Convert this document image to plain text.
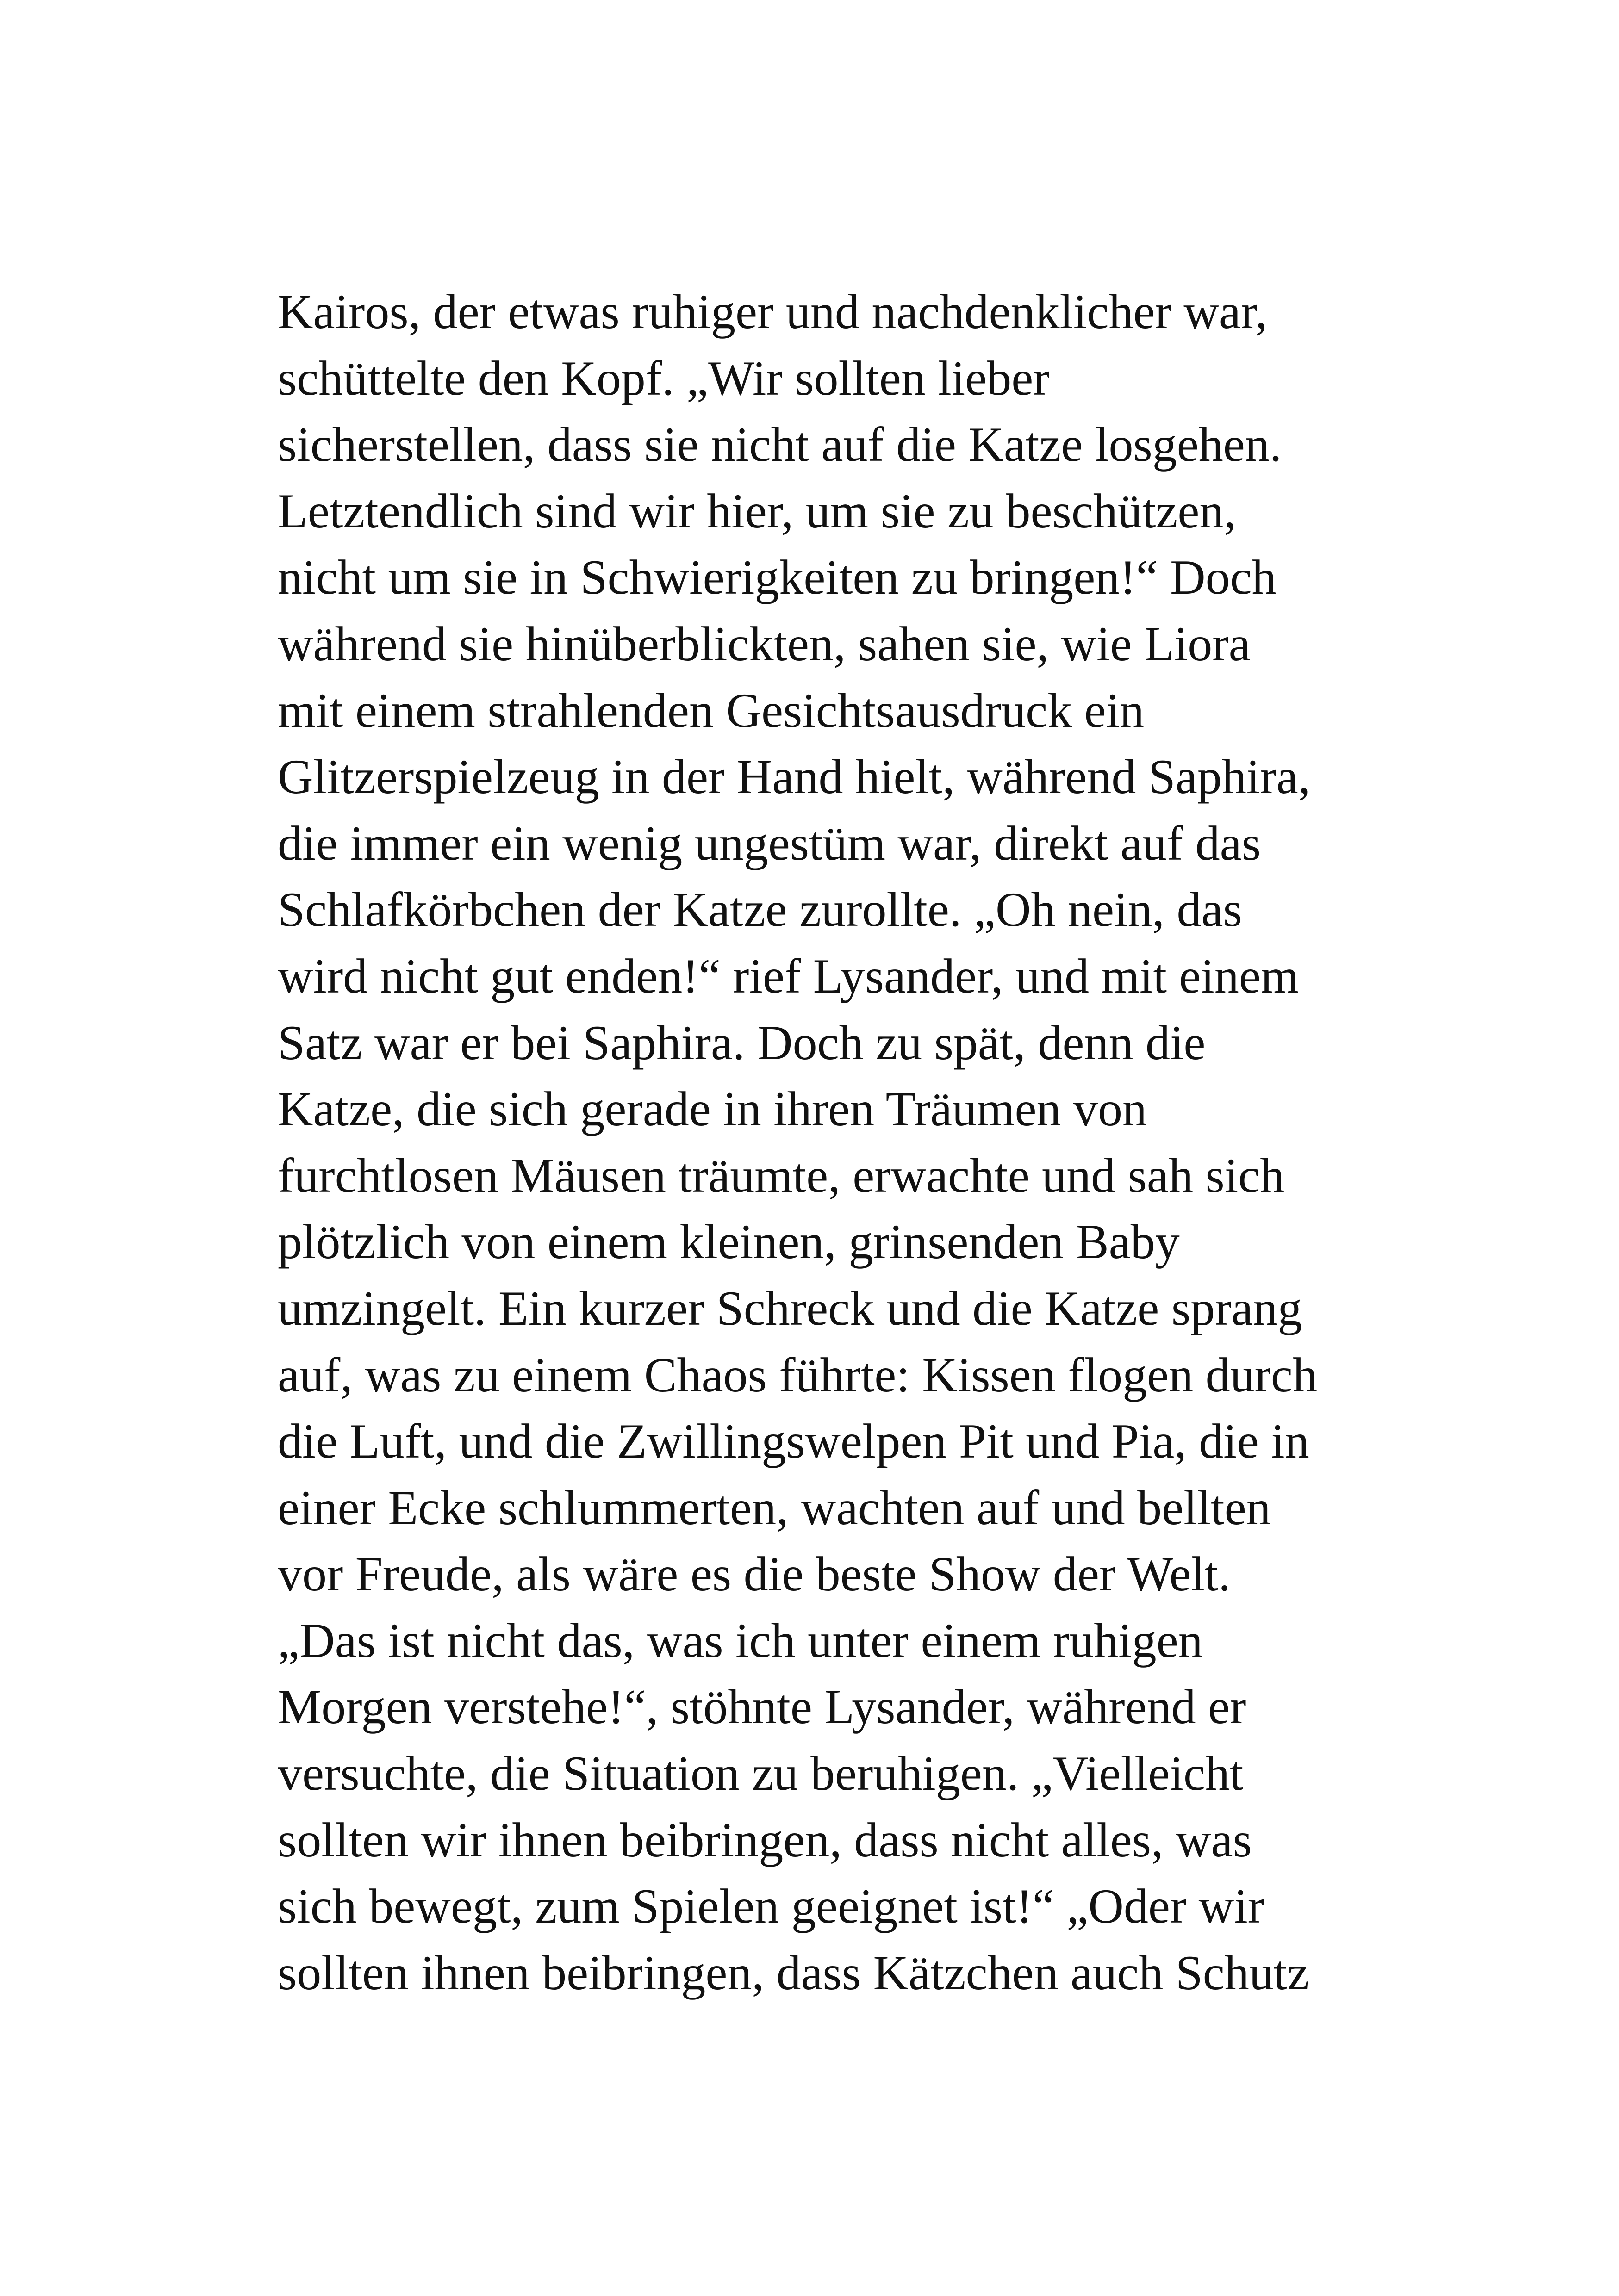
Kairos, der etwas ruhiger und nachdenklicher war,
schüttelte den Kopf. „Wir sollten lieber
sicherstellen, dass sie nicht auf die Katze losgehen.
Letztendlich sind wir hier, um sie zu beschützen,
nicht um sie in Schwierigkeiten zu bringen!“ Doch
während sie hinüberblickten, sahen sie, wie Liora
mit einem strahlenden Gesichtsausdruck ein
Glitzerspielzeug in der Hand hielt, während Saphira,
die immer ein wenig ungestüm war, direkt auf das
Schlafkörbchen der Katze zurollte. „Oh nein, das
wird nicht gut enden!“ rief Lysander, und mit einem
Satz war er bei Saphira. Doch zu spät, denn die
Katze, die sich gerade in ihren Träumen von
furchtlosen Mäusen träumte, erwachte und sah sich
plötzlich von einem kleinen, grinsenden Baby
umzingelt. Ein kurzer Schreck und die Katze sprang
auf, was zu einem Chaos führte: Kissen flogen durch
die Luft, und die Zwillingswelpen Pit und Pia, die in
einer Ecke schlummerten, wachten auf und bellten
vor Freude, als wäre es die beste Show der Welt.
„Das ist nicht das, was ich unter einem ruhigen
Morgen verstehe!“, stöhnte Lysander, während er
versuchte, die Situation zu beruhigen. „Vielleicht
sollten wir ihnen beibringen, dass nicht alles, was
sich bewegt, zum Spielen geeignet ist!“ „Oder wir
sollten ihnen beibringen, dass Kätzchen auch Schutz
